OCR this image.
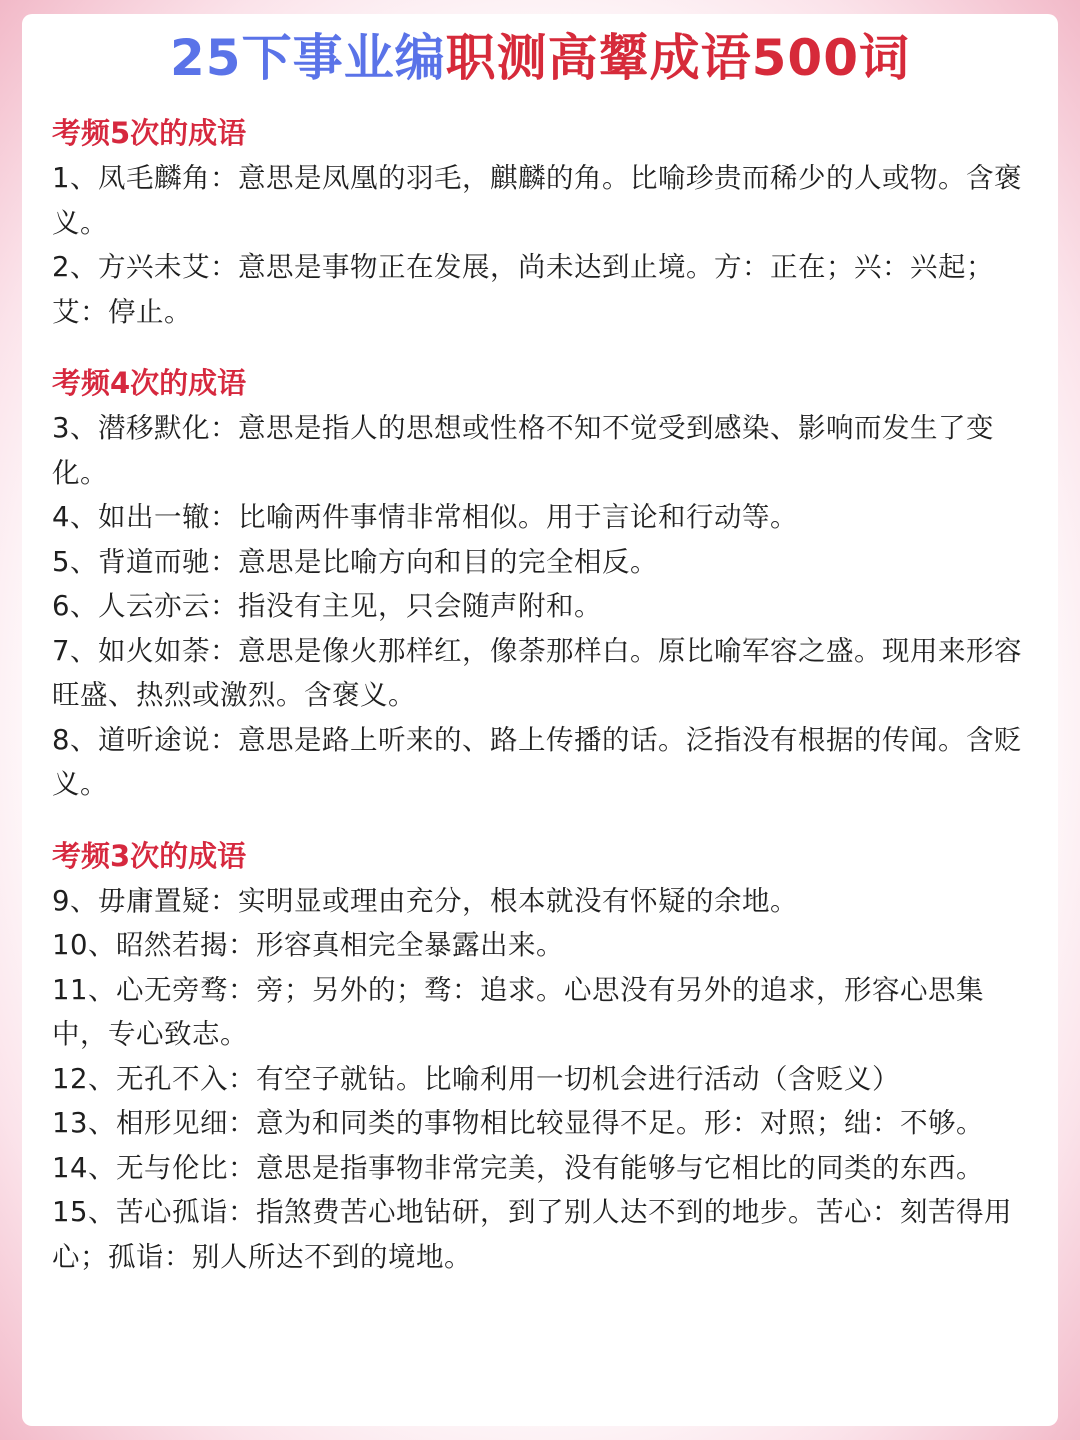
25下事业编职测高颦成语500词

考频5次的成语

1、凤毛麟角：意思是凤凰的羽毛，麒麟的角。比喻珍贵而稀少的人或物。含褒义。

2、方兴未艾：意思是事物正在发展，尚未达到止境。方：正在；兴：兴起；艾：停止。

考频4次的成语

3、潜移默化：意思是指人的思想或性格不知不觉受到感染、影响而发生了变化。

4、如出一辙：比喻两件事情非常相似。用于言论和行动等。

5、背道而驰：意思是比喻方向和目的完全相反。

6、人云亦云：指没有主见，只会随声附和。

7、如火如荼：意思是像火那样红，像荼那样白。原比喻军容之盛。现用来形容旺盛、热烈或激烈。含褒义。

8、道听途说：意思是路上听来的、路上传播的话。泛指没有根据的传闻。含贬义。

考频3次的成语

9、毋庸置疑：实明显或理由充分，根本就没有怀疑的余地。

10、昭然若揭：形容真相完全暴露出来。

11、心无旁骛：旁；另外的；骛：追求。心思没有另外的追求，形容心思集中，专心致志。

12、无孔不入：有空子就钻。比喻利用一切机会进行活动（含贬义）

13、相形见细：意为和同类的事物相比较显得不足。形：对照；绌：不够。

14、无与伦比：意思是指事物非常完美，没有能够与它相比的同类的东西。

15、苦心孤诣：指煞费苦心地钻研，到了别人达不到的地步。苦心：刻苦得用心；孤诣：别人所达不到的境地。
